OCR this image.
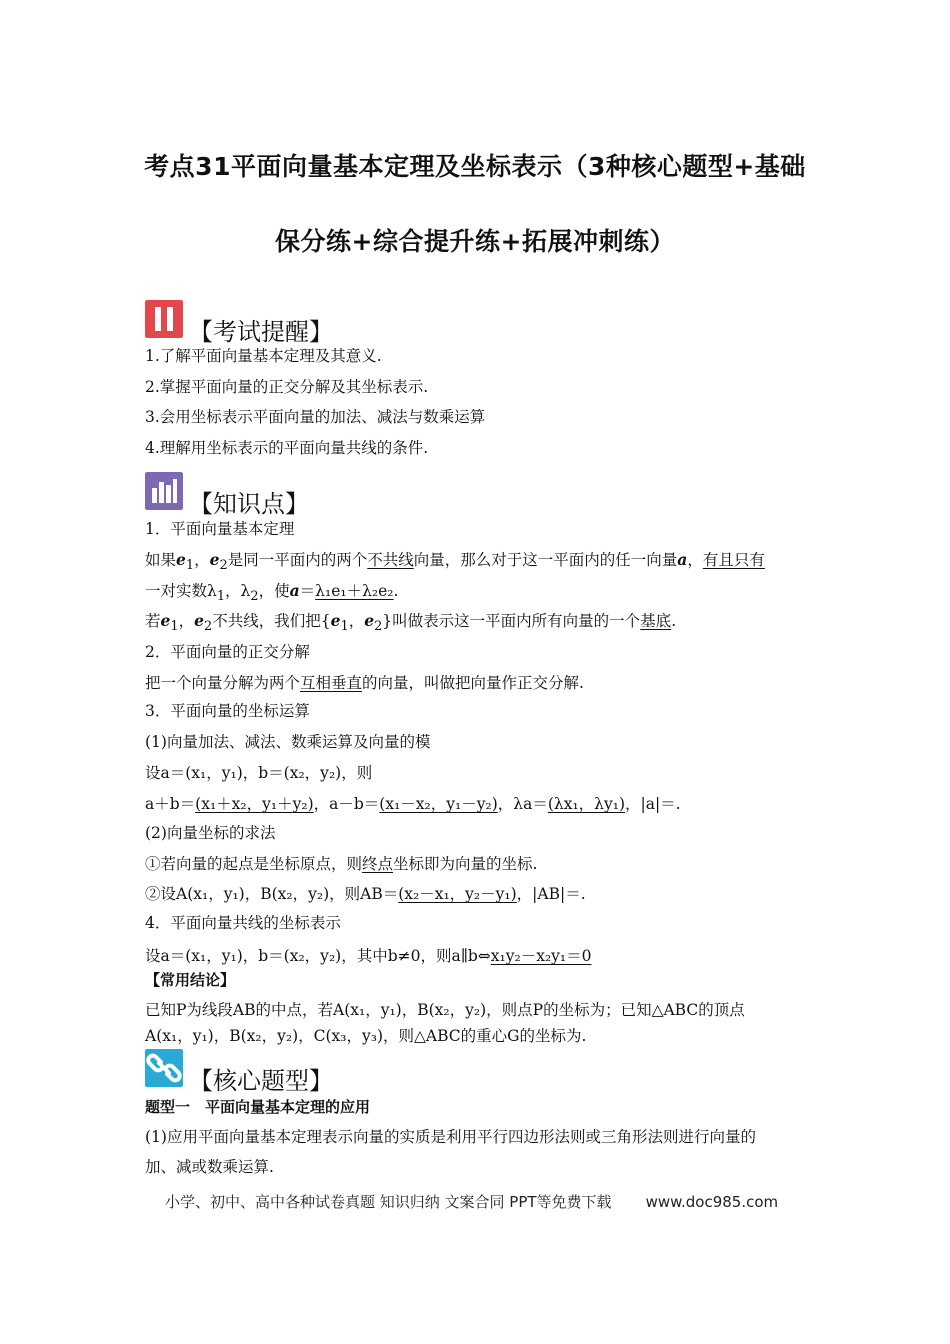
考点31平面向量基本定理及坐标表示（3种核心题型+基础
保分练+综合提升练+拓展冲刺练）
【考试提醒】
1.了解平面向量基本定理及其意义.
2.掌握平面向量的正交分解及其坐标表示.
3.会用坐标表示平面向量的加法、减法与数乘运算
4.理解用坐标表示的平面向量共线的条件.
【知识点】
1．平面向量基本定理
如果$e_1$，$e_2$是同一平面内的两个不共线向量，那么对于这一平面内的任一向量a，有且只有
一对实数$\lambda_1$，$\lambda_2$，使a＝λ₁e₁＋λ₂e₂.
若$e_1$，$e_2$不共线，我们把{$e_1$，$e_2$}叫做表示这一平面内所有向量的一个基底.
2．平面向量的正交分解
把一个向量分解为两个互相垂直的向量，叫做把向量作正交分解.
3．平面向量的坐标运算
(1)向量加法、减法、数乘运算及向量的模
设a＝(x₁，y₁)，b＝(x₂，y₂)，则
a＋b＝(x₁＋x₂，y₁＋y₂)，a－b＝(x₁－x₂，y₁－y₂)，λa＝(λx₁，λy₁)，|a|＝.
(2)向量坐标的求法
①若向量的起点是坐标原点，则终点坐标即为向量的坐标.
②设A(x₁，y₁)，B(x₂，y₂)，则AB＝(x₂－x₁，y₂－y₁)，|AB|＝.
4．平面向量共线的坐标表示
设a＝(x₁，y₁)，b＝(x₂，y₂)，其中b≠0，则a∥b⇔x₁y₂－x₂y₁＝0
【常用结论】
已知P为线段AB的中点，若A(x₁，y₁)，B(x₂，y₂)，则点P的坐标为；已知△ABC的顶点
A(x₁，y₁)，B(x₂，y₂)，C(x₃，y₃)，则△ABC的重心G的坐标为.
【核心题型】
题型一　平面向量基本定理的应用
(1)应用平面向量基本定理表示向量的实质是利用平行四边形法则或三角形法则进行向量的
加、减或数乘运算.
小学、初中、高中各种试卷真题 知识归纳 文案合同 PPT等免费下载 www.doc985.com
